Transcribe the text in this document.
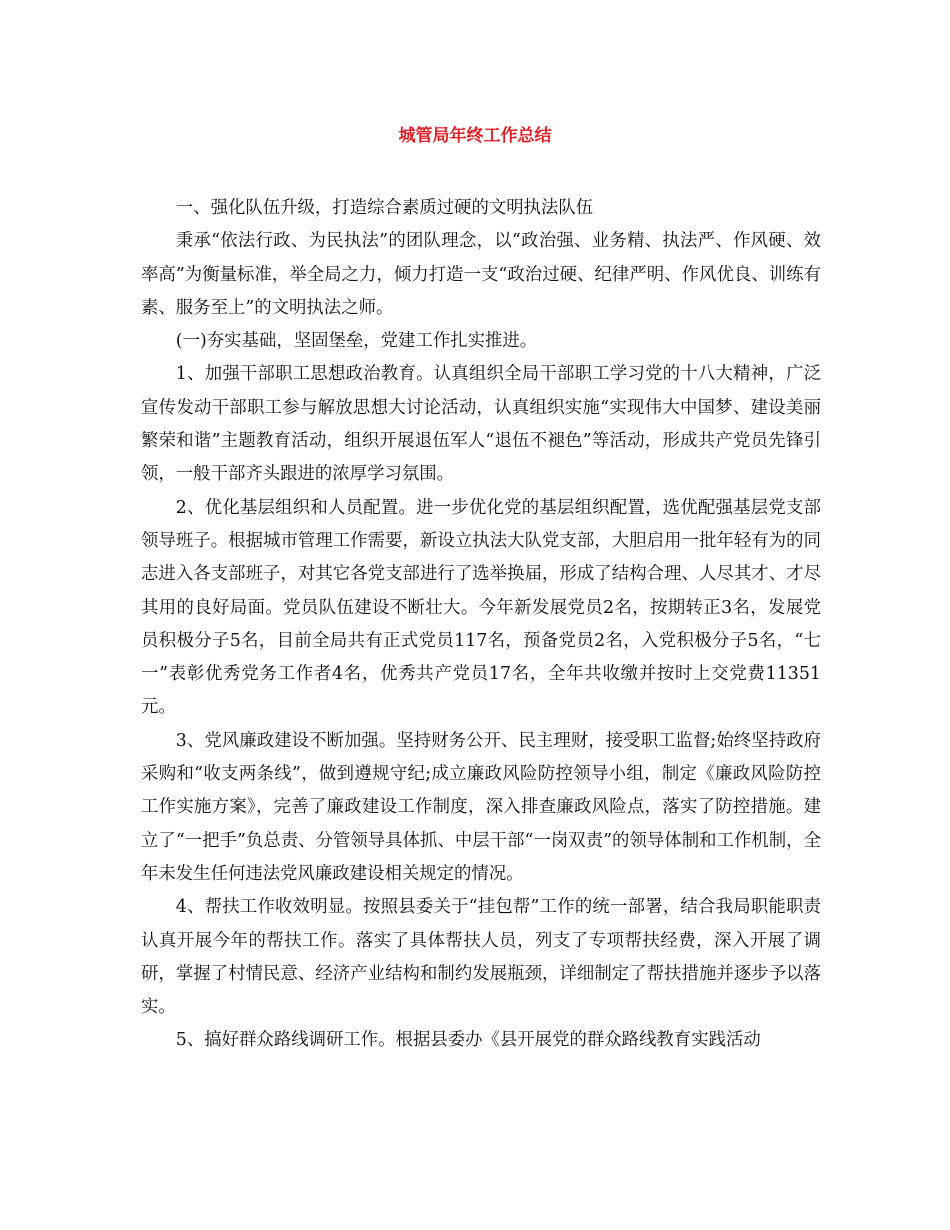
城管局年终工作总结

一、强化队伍升级，打造综合素质过硬的文明执法队伍

秉承“依法行政、为民执法”的团队理念，以“政治强、业务精、执法严、作风硬、效率高”为衡量标准，举全局之力，倾力打造一支“政治过硬、纪律严明、作风优良、训练有素、服务至上”的文明执法之师。

(一)夯实基础，坚固堡垒，党建工作扎实推进。

1、加强干部职工思想政治教育。认真组织全局干部职工学习党的十八大精神，广泛宣传发动干部职工参与解放思想大讨论活动，认真组织实施“实现伟大中国梦、建设美丽繁荣和谐”主题教育活动，组织开展退伍军人“退伍不褪色”等活动，形成共产党员先锋引领，一般干部齐头跟进的浓厚学习氛围。

2、优化基层组织和人员配置。进一步优化党的基层组织配置，选优配强基层党支部领导班子。根据城市管理工作需要，新设立执法大队党支部，大胆启用一批年轻有为的同志进入各支部班子，对其它各党支部进行了选举换届，形成了结构合理、人尽其才、才尽其用的良好局面。党员队伍建设不断壮大。今年新发展党员2名，按期转正3名，发展党员积极分子5名，目前全局共有正式党员117名，预备党员2名，入党积极分子5名，“七一”表彰优秀党务工作者4名，优秀共产党员17名，全年共收缴并按时上交党费11351元。

3、党风廉政建设不断加强。坚持财务公开、民主理财，接受职工监督;始终坚持政府采购和“收支两条线”，做到遵规守纪;成立廉政风险防控领导小组，制定《廉政风险防控工作实施方案》，完善了廉政建设工作制度，深入排查廉政风险点，落实了防控措施。建立了“一把手”负总责、分管领导具体抓、中层干部“一岗双责”的领导体制和工作机制，全年未发生任何违法党风廉政建设相关规定的情况。

4、帮扶工作收效明显。按照县委关于“挂包帮”工作的统一部署，结合我局职能职责认真开展今年的帮扶工作。落实了具体帮扶人员，列支了专项帮扶经费，深入开展了调研，掌握了村情民意、经济产业结构和制约发展瓶颈，详细制定了帮扶措施并逐步予以落实。

5、搞好群众路线调研工作。根据县委办《县开展党的群众路线教育实践活动
